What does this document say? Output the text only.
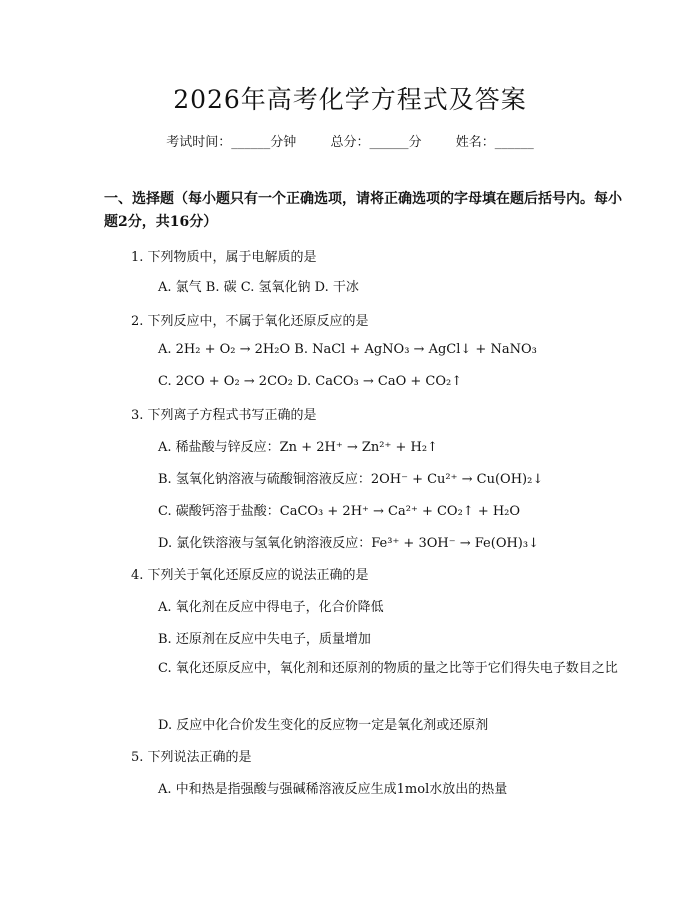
2026年高考化学方程式及答案
考试时间：______分钟	总分：______分	姓名：______
一、选择题（每小题只有一个正确选项，请将正确选项的字母填在题后括号内。每小题2分，共16分）
1. 下列物质中，属于电解质的是
A. 氯气 B. 碳 C. 氢氧化钠 D. 干冰
2. 下列反应中，不属于氧化还原反应的是
A. 2H₂ + O₂ → 2H₂O B. NaCl + AgNO₃ → AgCl↓ + NaNO₃
C. 2CO + O₂ → 2CO₂ D. CaCO₃ → CaO + CO₂↑
3. 下列离子方程式书写正确的是
A. 稀盐酸与锌反应：Zn + 2H⁺ → Zn²⁺ + H₂↑
B. 氢氧化钠溶液与硫酸铜溶液反应：2OH⁻ + Cu²⁺ → Cu(OH)₂↓
C. 碳酸钙溶于盐酸：CaCO₃ + 2H⁺ → Ca²⁺ + CO₂↑ + H₂O
D. 氯化铁溶液与氢氧化钠溶液反应：Fe³⁺ + 3OH⁻ → Fe(OH)₃↓
4. 下列关于氧化还原反应的说法正确的是
A. 氧化剂在反应中得电子，化合价降低
B. 还原剂在反应中失电子，质量增加
C. 氧化还原反应中，氧化剂和还原剂的物质的量之比等于它们得失电子数目之比
D. 反应中化合价发生变化的反应物一定是氧化剂或还原剂
5. 下列说法正确的是
A. 中和热是指强酸与强碱稀溶液反应生成1mol水放出的热量
